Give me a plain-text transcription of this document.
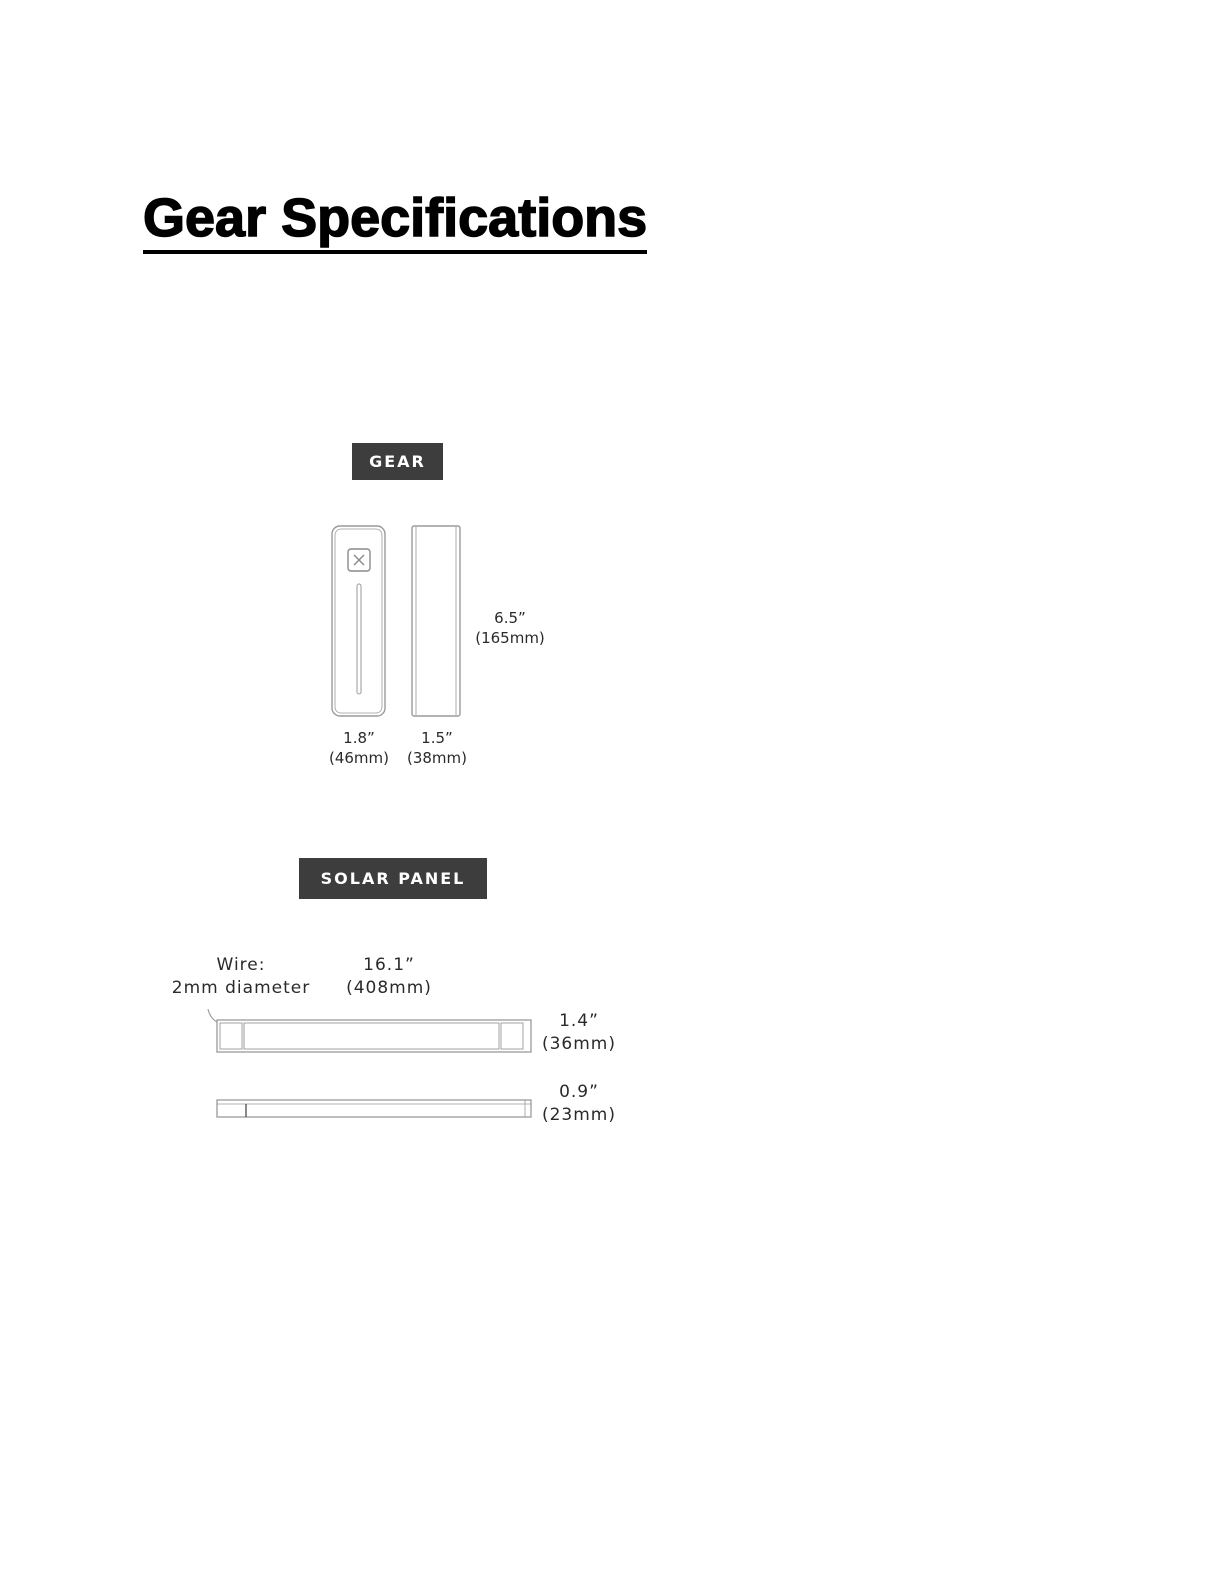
Gear Specifications
GEAR
6.5”
(165mm)
1.8”
(46mm)
1.5”
(38mm)
SOLAR PANEL
Wire:
2mm diameter
16.1”
(408mm)
1.4”
(36mm)
0.9”
(23mm)
